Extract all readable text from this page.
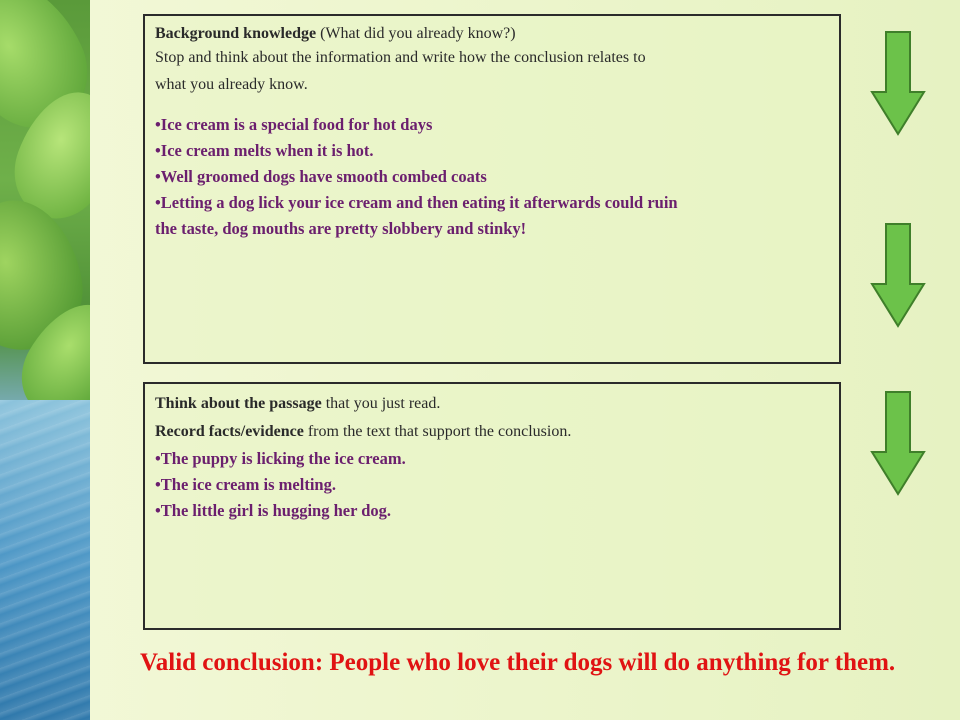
Background knowledge (What did you already know?)
Stop and think about the information and write how the conclusion relates to
what you already know.
•Ice cream is a special food for hot days
•Ice cream melts when it is hot.
•Well groomed dogs have smooth combed coats
•Letting a dog lick your ice cream and then eating it afterwards could ruin
the taste, dog mouths are pretty slobbery and stinky!
Think about the passage that you just read.
Record facts/evidence from the text that support the conclusion.
•The puppy is licking the ice cream.
•The ice cream is melting.
•The little girl is hugging her dog.
Valid conclusion: People who love their dogs will do anything for them.
